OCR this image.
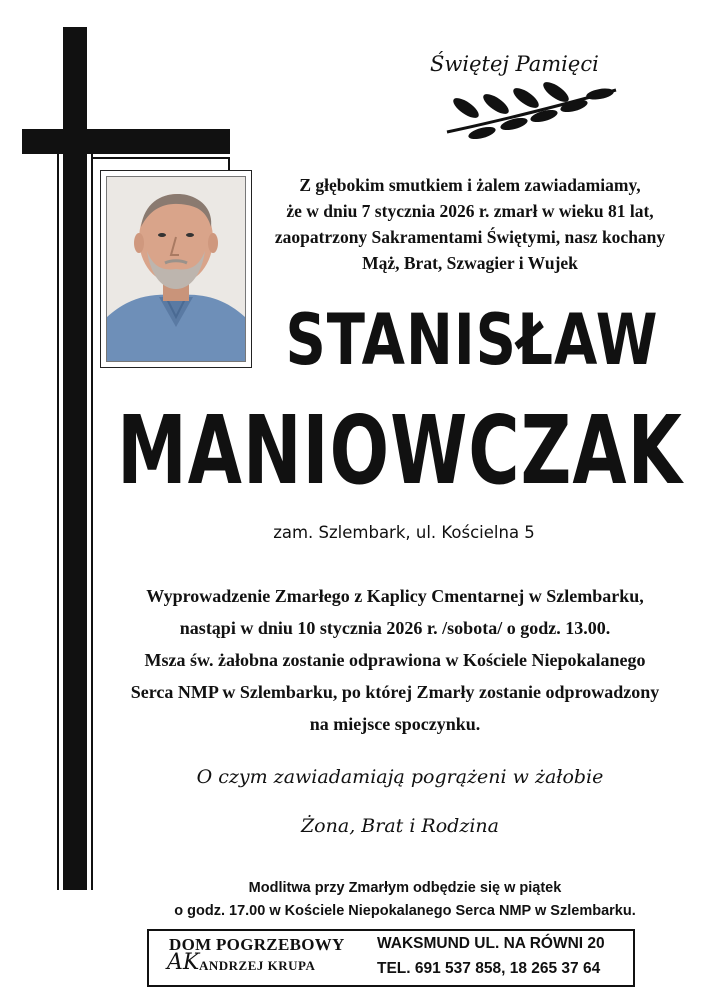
Świętej Pamięci
Z głębokim smutkiem i żalem zawiadamiamy,
że w dniu 7 stycznia 2026 r. zmarł w wieku 81 lat,
zaopatrzony Sakramentami Świętymi, nasz kochany
Mąż, Brat, Szwagier i Wujek
STANISŁAW
MANIOWCZAK
zam. Szlembark, ul. Kościelna 5
Wyprowadzenie Zmarłego z Kaplicy Cmentarnej w Szlembarku,
nastąpi w dniu 10 stycznia 2026 r. /sobota/ o godz. 13.00.
Msza św. żałobna zostanie odprawiona w Kościele Niepokalanego
Serca NMP w Szlembarku, po której Zmarły zostanie odprowadzony
na miejsce spoczynku.
O czym zawiadamiają pogrążeni w żałobie
Żona, Brat i Rodzina
Modlitwa przy Zmarłym odbędzie się w piątek
o godz. 17.00 w Kościele Niepokalanego Serca NMP w Szlembarku.
DOM POGRZEBOWY
AK ANDRZEJ KRUPA
WAKSMUND UL. NA RÓWNI 20
TEL. 691 537 858, 18 265 37 64
